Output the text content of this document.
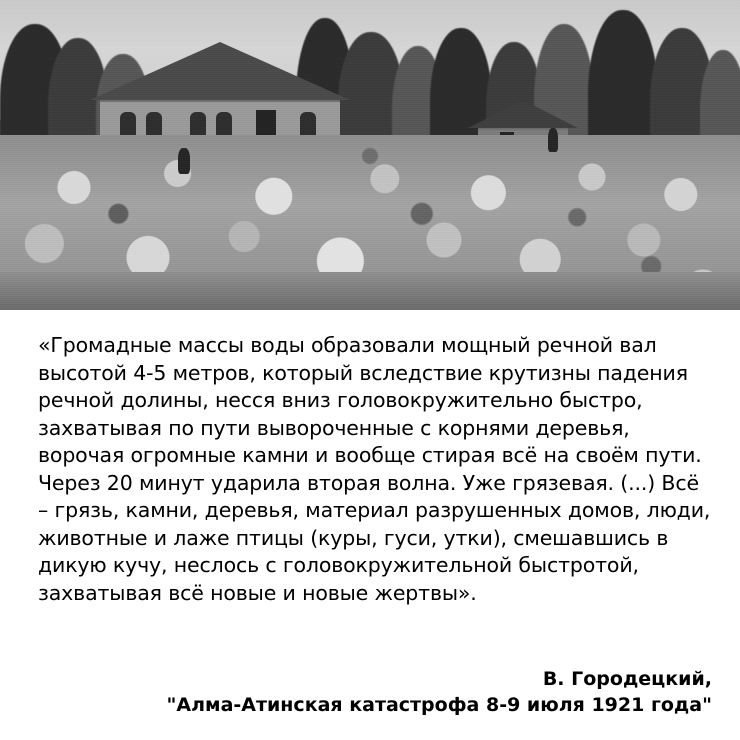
«Громадные массы воды образовали мощный речной вал высотой 4-5 метров, который вследствие крутизны падения речной долины, несся вниз головокружительно быстро, захватывая по пути вывороченные с корнями деревья, ворочая огромные камни и вообще стирая всё на своём пути. Через 20 минут ударила вторая волна. Уже грязевая. (...) Всё – грязь, камни, деревья, материал разрушенных домов, люди, животные и лаже птицы (куры, гуси, утки), смешавшись в дикую кучу, неслось с головокружительной быстротой, захватывая всё новые и новые жертвы».

В. Городецкий,
"Алма-Атинская катастрофа 8-9 июля 1921 года"
